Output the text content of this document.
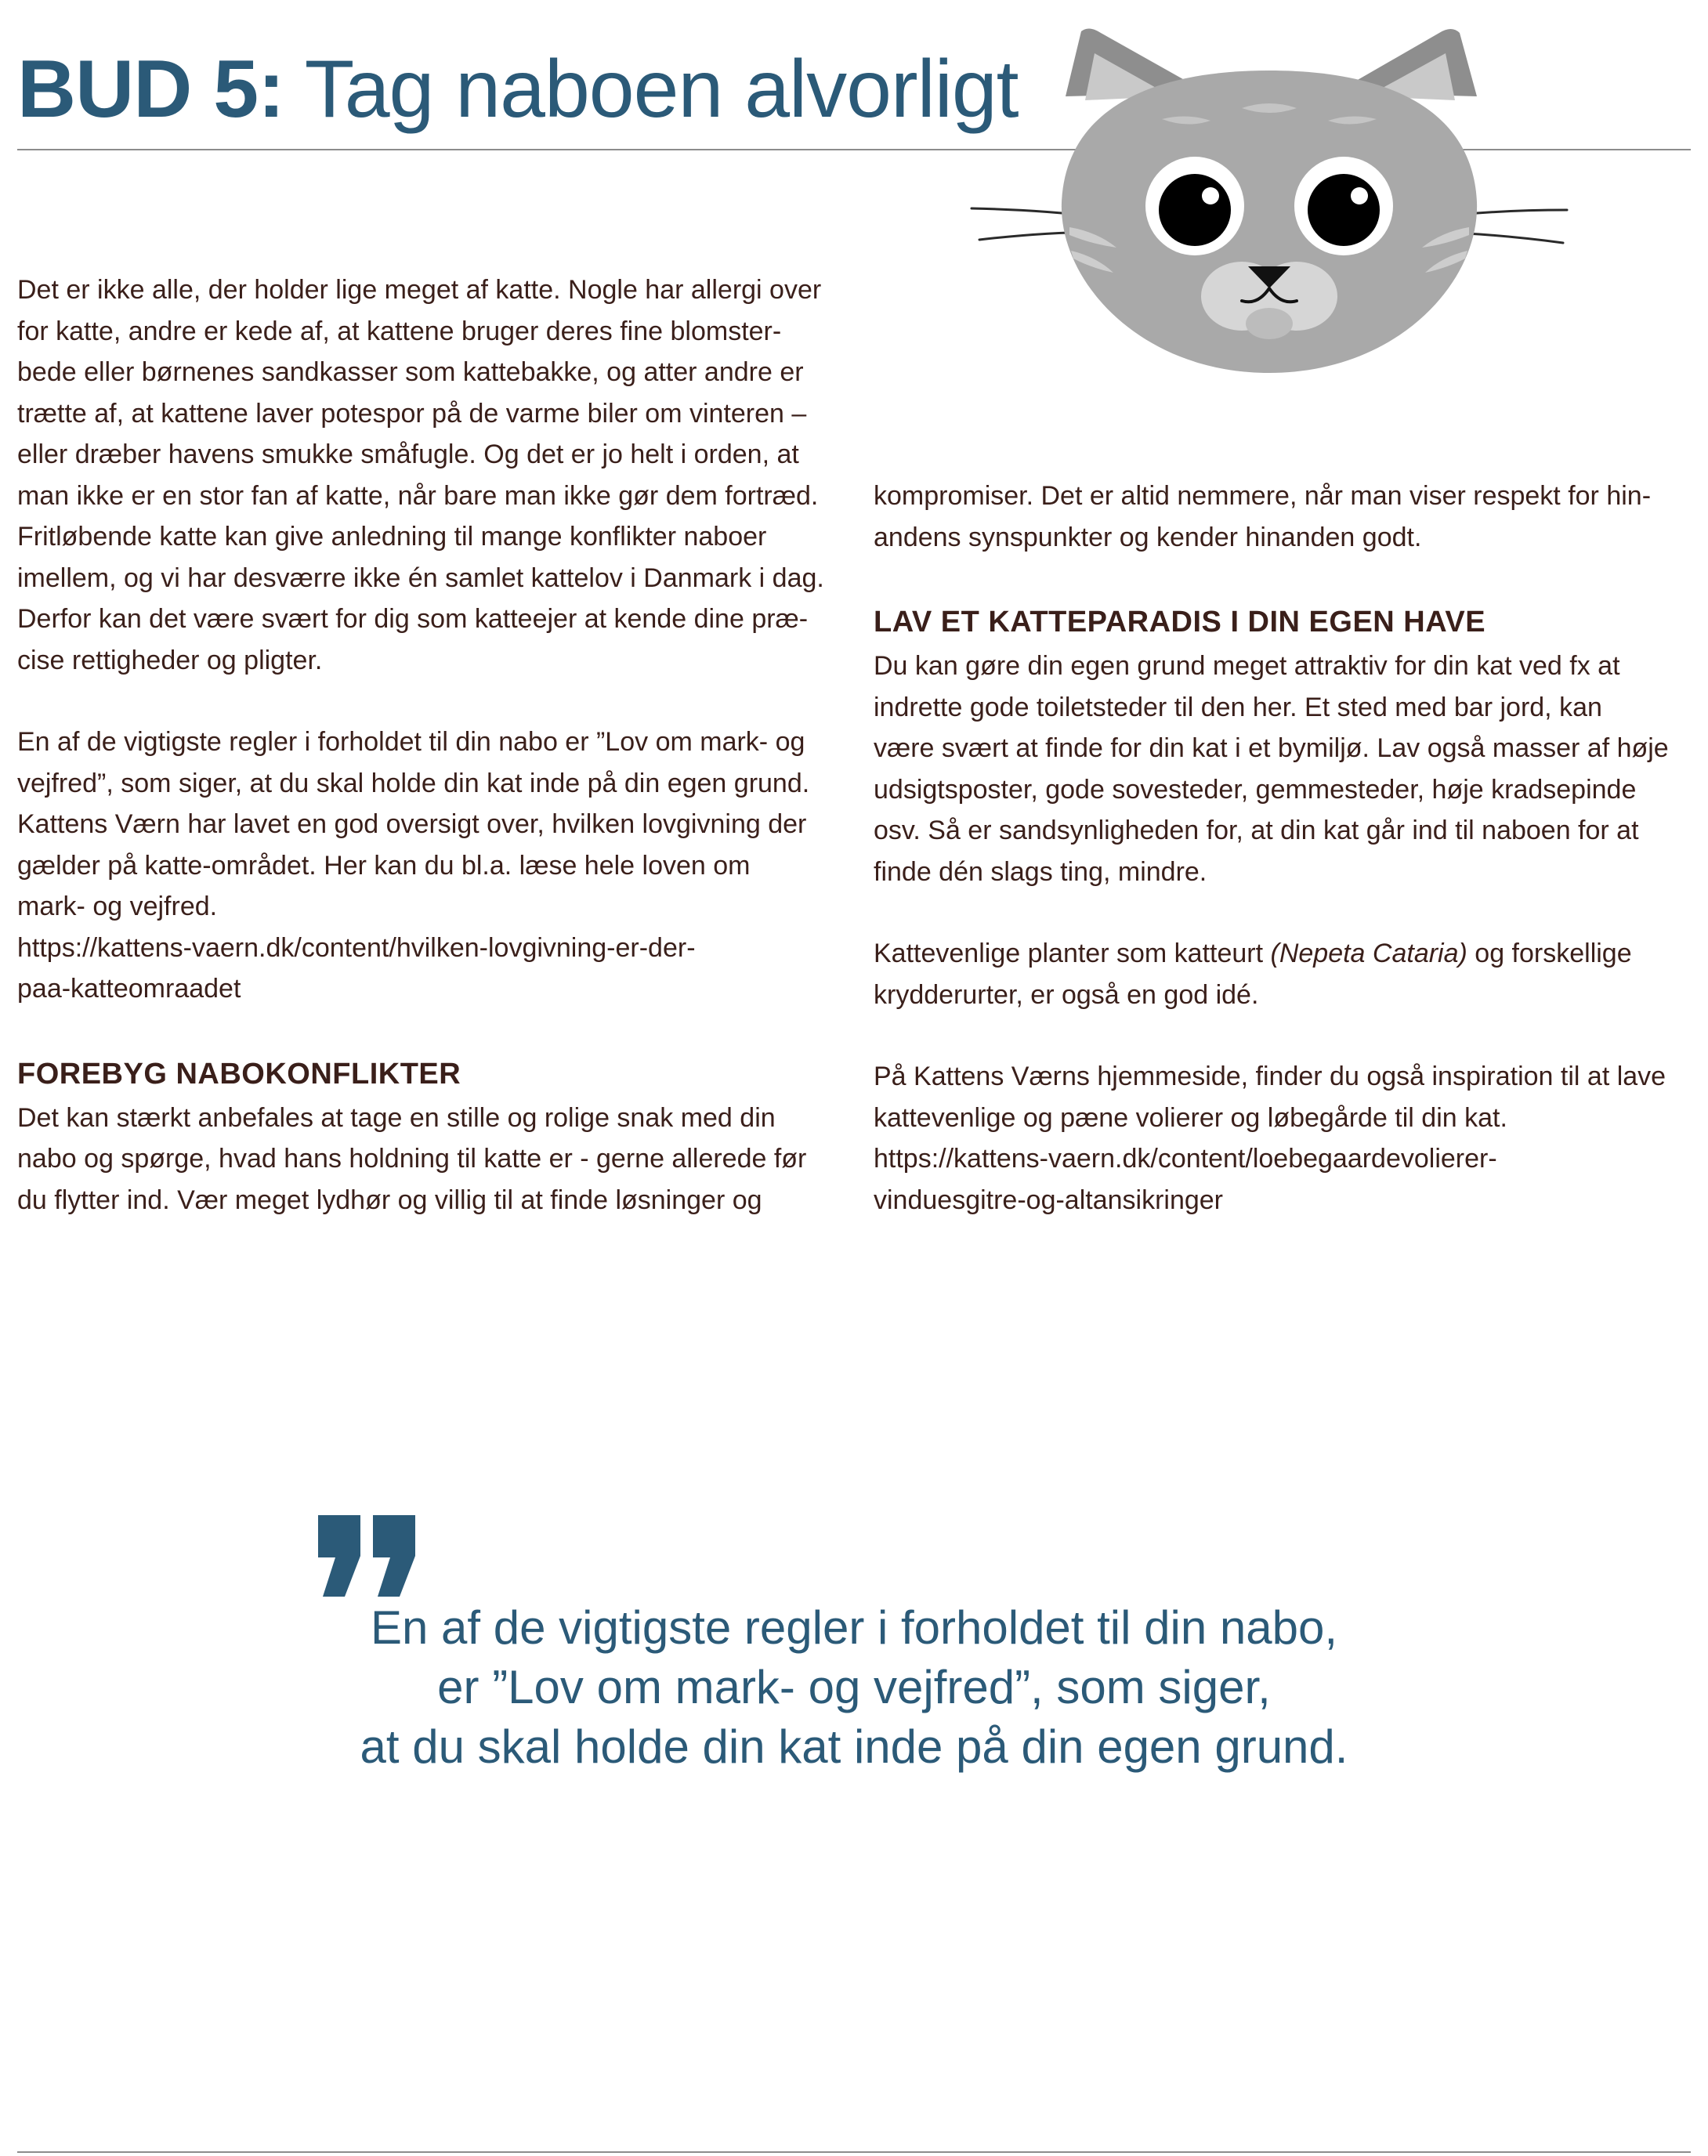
BUD 5: Tag naboen alvorligt

Det er ikke alle, der holder lige meget af katte. Nogle har allergi over
for katte, andre er kede af, at kattene bruger deres fine blomster-
bede eller børnenes sandkasser som kattebakke, og atter andre er
trætte af, at kattene laver potespor på de varme biler om vinteren –
eller dræber havens smukke småfugle. Og det er jo helt i orden, at
man ikke er en stor fan af katte, når bare man ikke gør dem fortræd.
Fritløbende katte kan give anledning til mange konflikter naboer
imellem, og vi har desværre ikke én samlet kattelov i Danmark i dag.
Derfor kan det være svært for dig som katteejer at kende dine præ-
cise rettigheder og pligter.

En af de vigtigste regler i forholdet til din nabo er ”Lov om mark- og
vejfred”, som siger, at du skal holde din kat inde på din egen grund.
Kattens Værn har lavet en god oversigt over, hvilken lovgivning der
gælder på katte-området. Her kan du bl.a. læse hele loven om
mark- og vejfred.
https://kattens-vaern.dk/content/hvilken-lovgivning-er-der-
paa-katteomraadet

FOREBYG NABOKONFLIKTER

Det kan stærkt anbefales at tage en stille og rolige snak med din
nabo og spørge, hvad hans holdning til katte er - gerne allerede før
du flytter ind. Vær meget lydhør og villig til at finde løsninger og

kompromiser. Det er altid nemmere, når man viser respekt for hin-
andens synspunkter og kender hinanden godt.

LAV ET KATTEPARADIS I DIN EGEN HAVE

Du kan gøre din egen grund meget attraktiv for din kat ved fx at
indrette gode toiletsteder til den her. Et sted med bar jord, kan
være svært at finde for din kat i et bymiljø. Lav også masser af høje
udsigtsposter, gode sovesteder, gemmesteder, høje kradsepinde
osv. Så er sandsynligheden for, at din kat går ind til naboen for at
finde dén slags ting, mindre.

Kattevenlige planter som katteurt (Nepeta Cataria) og forskellige
krydderurter, er også en god idé.

På Kattens Værns hjemmeside, finder du også inspiration til at lave
kattevenlige og pæne volierer og løbegårde til din kat.
https://kattens-vaern.dk/content/loebegaardevolierer-
vinduesgitre-og-altansikringer

En af de vigtigste regler i forholdet til din nabo,
er ”Lov om mark- og vejfred”, som siger,
at du skal holde din kat inde på din egen grund.
